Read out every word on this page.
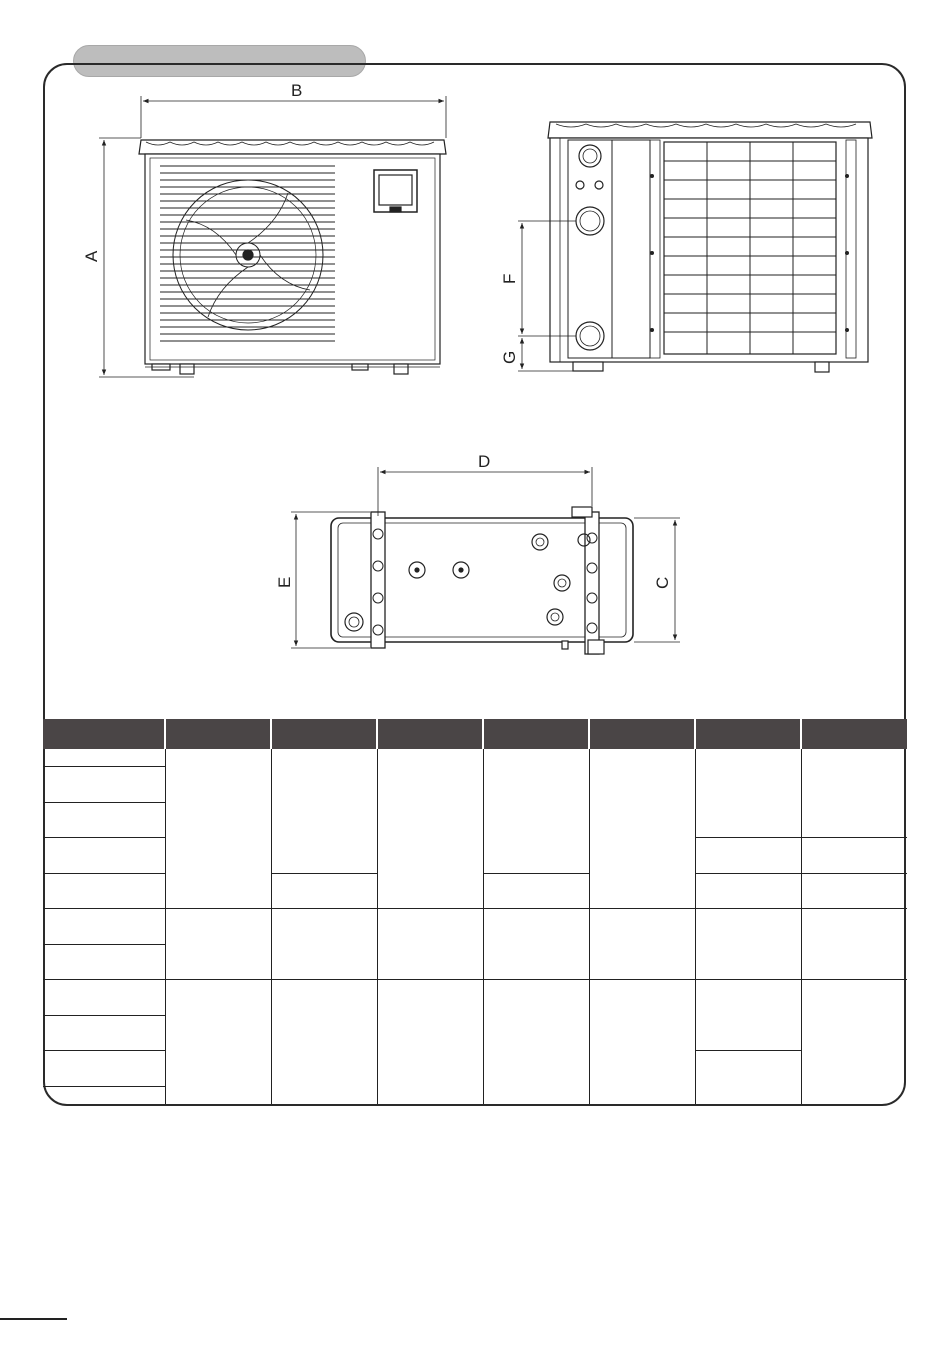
B
A
F
G
D
E	C
